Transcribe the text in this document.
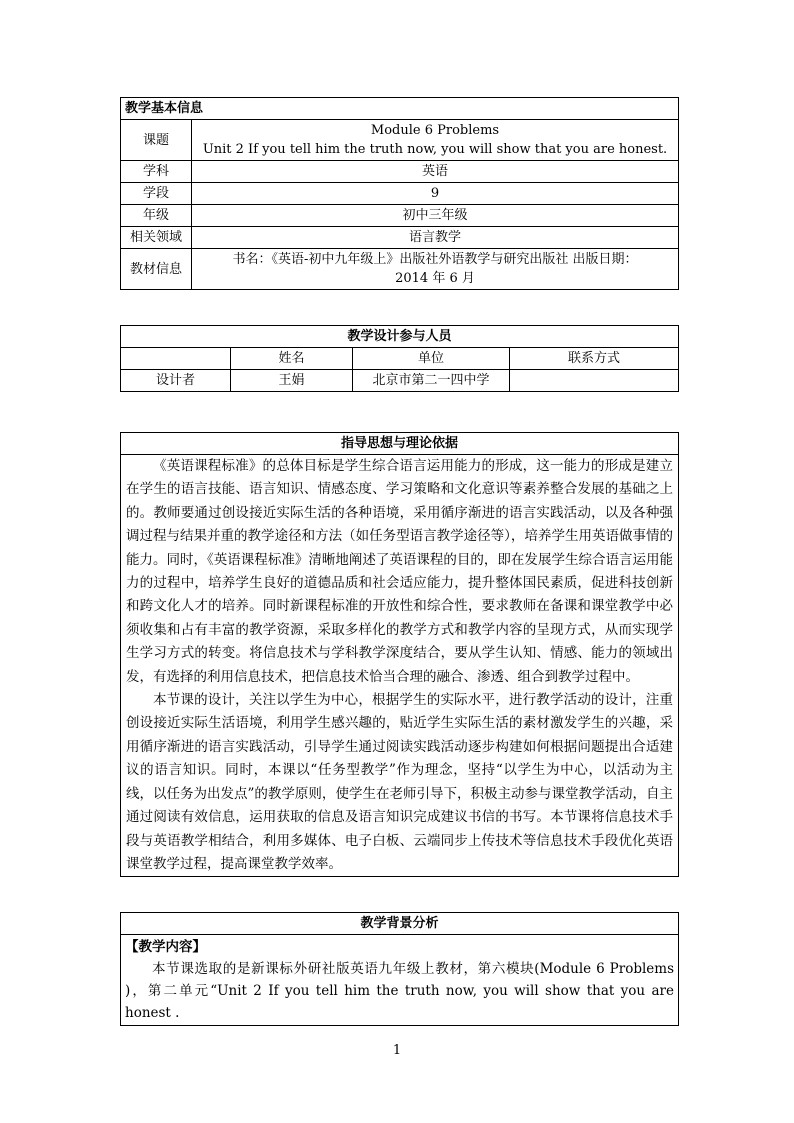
教学基本信息	
课题	Module 6 Problems
Unit 2 If you tell him the truth now, you will show that you are honest.

学科	英语
学段	9
年级	初中三年级
相关领域	语言教学
教材信息	书名：《英语-初中九年级上》出版社外语教学与研究出版社 出版日期：
2014 年 6 月
教学设计参与人员			
	姓名	单位	联系方式
设计者	王娟	北京市第二一四中学	
指导思想与理论依据

《英语课程标准》的总体目标是学生综合语言运用能力的形成，这一能力的形成是建立在学生的语言技能、语言知识、情感态度、学习策略和文化意识等素养整合发展的基础之上的。教师要通过创设接近实际生活的各种语境，采用循序渐进的语言实践活动，以及各种强调过程与结果并重的教学途径和方法（如任务型语言教学途径等），培养学生用英语做事情的能力。同时，《英语课程标准》清晰地阐述了英语课程的目的，即在发展学生综合语言运用能力的过程中，培养学生良好的道德品质和社会适应能力，提升整体国民素质，促进科技创新和跨文化人才的培养。同时新课程标准的开放性和综合性，要求教师在备课和课堂教学中必须收集和占有丰富的教学资源，采取多样化的教学方式和教学内容的呈现方式，从而实现学生学习方式的转变。将信息技术与学科教学深度结合，要从学生认知、情感、能力的领域出发，有选择的利用信息技术，把信息技术恰当合理的融合、渗透、组合到教学过程中。

本节课的设计，关注以学生为中心，根据学生的实际水平，进行教学活动的设计，注重创设接近实际生活语境，利用学生感兴趣的，贴近学生实际生活的素材激发学生的兴趣，采用循序渐进的语言实践活动，引导学生通过阅读实践活动逐步构建如何根据问题提出合适建议的语言知识。同时，本课以“任务型教学”作为理念，坚持“以学生为中心，以活动为主线，以任务为出发点”的教学原则，使学生在老师引导下，积极主动参与课堂教学活动，自主通过阅读有效信息，运用获取的信息及语言知识完成建议书信的书写。本节课将信息技术手段与英语教学相结合，利用多媒体、电子白板、云端同步上传技术等信息技术手段优化英语课堂教学过程，提高课堂教学效率。

教学背景分析

【教学内容】

本节课选取的是新课标外研社版英语九年级上教材，第六模块(Module 6 Problems )，第二单元“Unit 2 If you tell him the truth now, you will show that you are honest .

1
